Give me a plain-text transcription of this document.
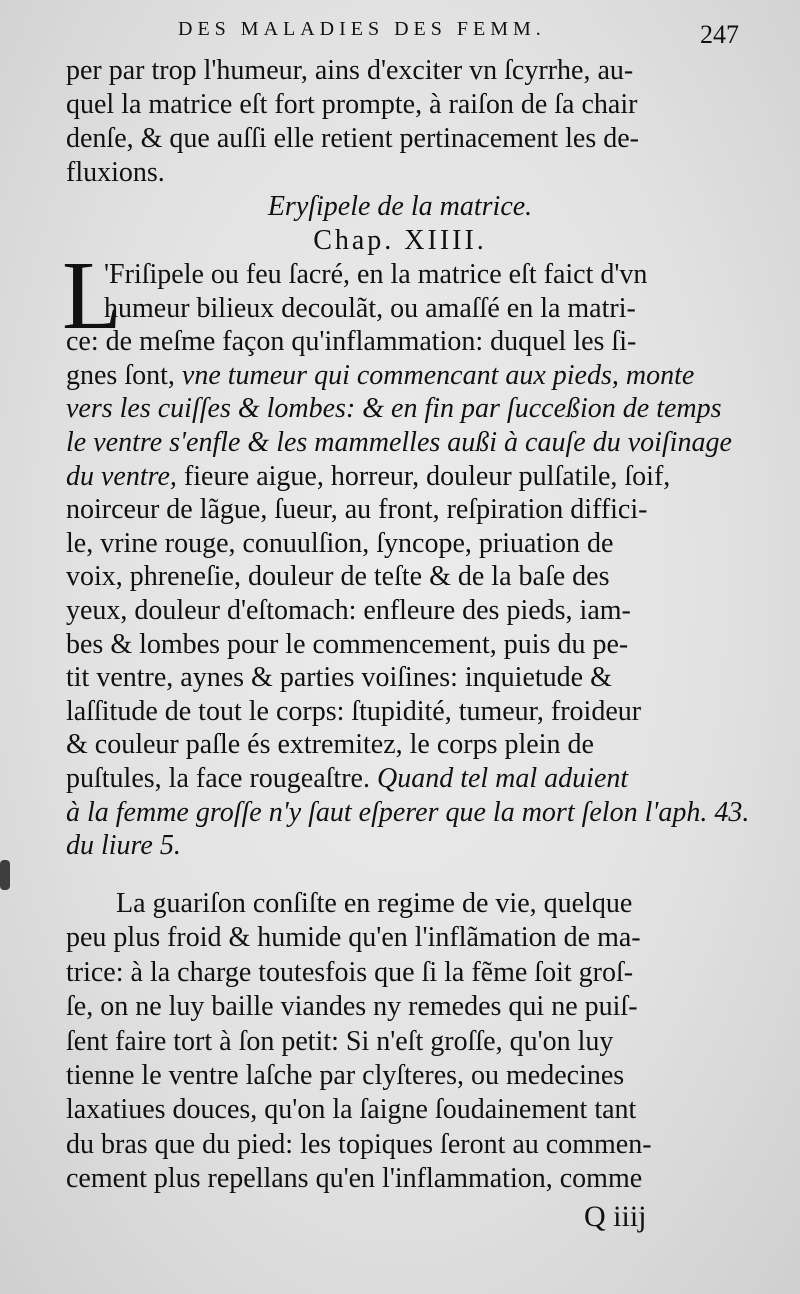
DES MALADIES DES FEMM.	247
per par trop l'humeur, ains d'exciter vn ſcyrrhe, au-
quel la matrice eſt fort prompte, à raiſon de ſa chair
denſe, & que auſſi elle retient pertinacement les de-
fluxions.
Eryſipele de la matrice.
Chap. XIIII.
L
'Friſipele ou feu ſacré, en la matrice eſt faict d'vn
humeur bilieux decoulãt, ou amaſſé en la matri-
ce: de meſme façon qu'inflammation: duquel les ſi-
gnes ſont, vne tumeur qui commencant aux pieds, monte
vers les cuiſſes & lombes: & en fin par ſucceßion de temps
le ventre s'enfle & les mammelles außi à cauſe du voiſinage
du ventre, fieure aigue, horreur, douleur pulſatile, ſoif,
noirceur de lãgue, ſueur, au front, reſpiration diffici-
le, vrine rouge, conuulſion, ſyncope, priuation de
voix, phreneſie, douleur de teſte & de la baſe des
yeux, douleur d'eſtomach: enfleure des pieds, iam-
bes & lombes pour le commencement, puis du pe-
tit ventre, aynes & parties voiſines: inquietude &
laſſitude de tout le corps: ſtupidité, tumeur, froideur
& couleur paſle és extremitez, le corps plein de
puſtules, la face rougeaſtre. Quand tel mal aduient
à la femme groſſe n'y ſaut eſperer que la mort ſelon l'aph. 43.
du liure 5.
La guariſon conſiſte en regime de vie, quelque
peu plus froid & humide qu'en l'inflãmation de ma-
trice: à la charge toutesfois que ſi la fẽme ſoit groſ-
ſe, on ne luy baille viandes ny remedes qui ne puiſ-
ſent faire tort à ſon petit: Si n'eſt groſſe, qu'on luy
tienne le ventre laſche par clyſteres, ou medecines
laxatiues douces, qu'on la ſaigne ſoudainement tant
du bras que du pied: les topiques ſeront au commen-
cement plus repellans qu'en l'inflammation, comme
Q iiij
